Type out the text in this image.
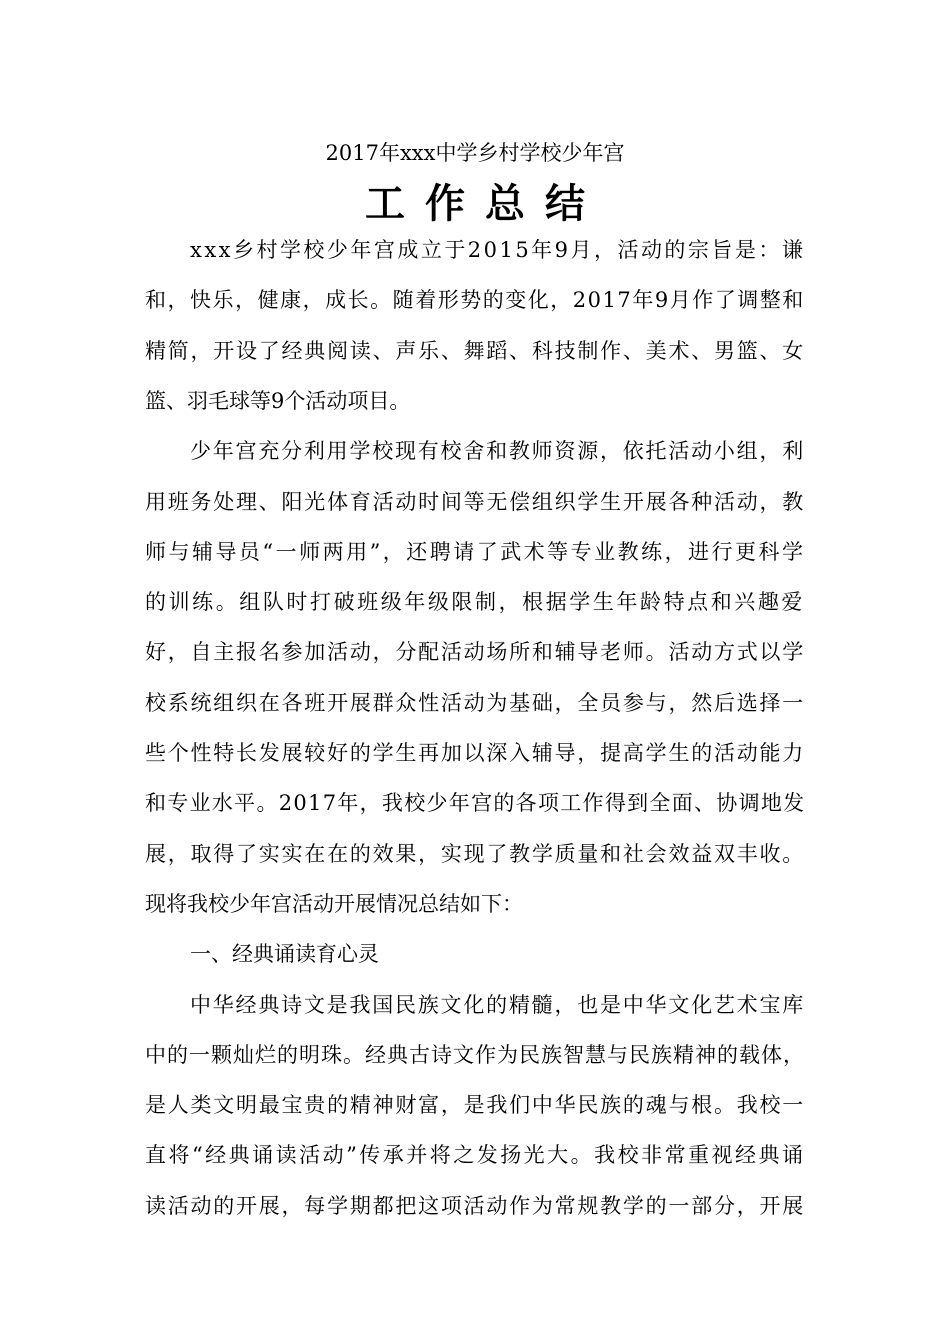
2017年xxx中学乡村学校少年宫
工作总结
xxx乡村学校少年宫成立于2015年9月，活动的宗旨是：谦
和，快乐，健康，成长。随着形势的变化，2017年9月作了调整和
精简，开设了经典阅读、声乐、舞蹈、科技制作、美术、男篮、女
篮、羽毛球等9个活动项目。
少年宫充分利用学校现有校舍和教师资源，依托活动小组，利
用班务处理、阳光体育活动时间等无偿组织学生开展各种活动，教
师与辅导员“一师两用”，还聘请了武术等专业教练，进行更科学
的训练。组队时打破班级年级限制，根据学生年龄特点和兴趣爱
好，自主报名参加活动，分配活动场所和辅导老师。活动方式以学
校系统组织在各班开展群众性活动为基础，全员参与，然后选择一
些个性特长发展较好的学生再加以深入辅导，提高学生的活动能力
和专业水平。2017年，我校少年宫的各项工作得到全面、协调地发
展，取得了实实在在的效果，实现了教学质量和社会效益双丰收。
现将我校少年宫活动开展情况总结如下：
一、经典诵读育心灵
中华经典诗文是我国民族文化的精髓，也是中华文化艺术宝库
中的一颗灿烂的明珠。经典古诗文作为民族智慧与民族精神的载体，
是人类文明最宝贵的精神财富，是我们中华民族的魂与根。我校一
直将“经典诵读活动”传承并将之发扬光大。我校非常重视经典诵
读活动的开展，每学期都把这项活动作为常规教学的一部分，开展
